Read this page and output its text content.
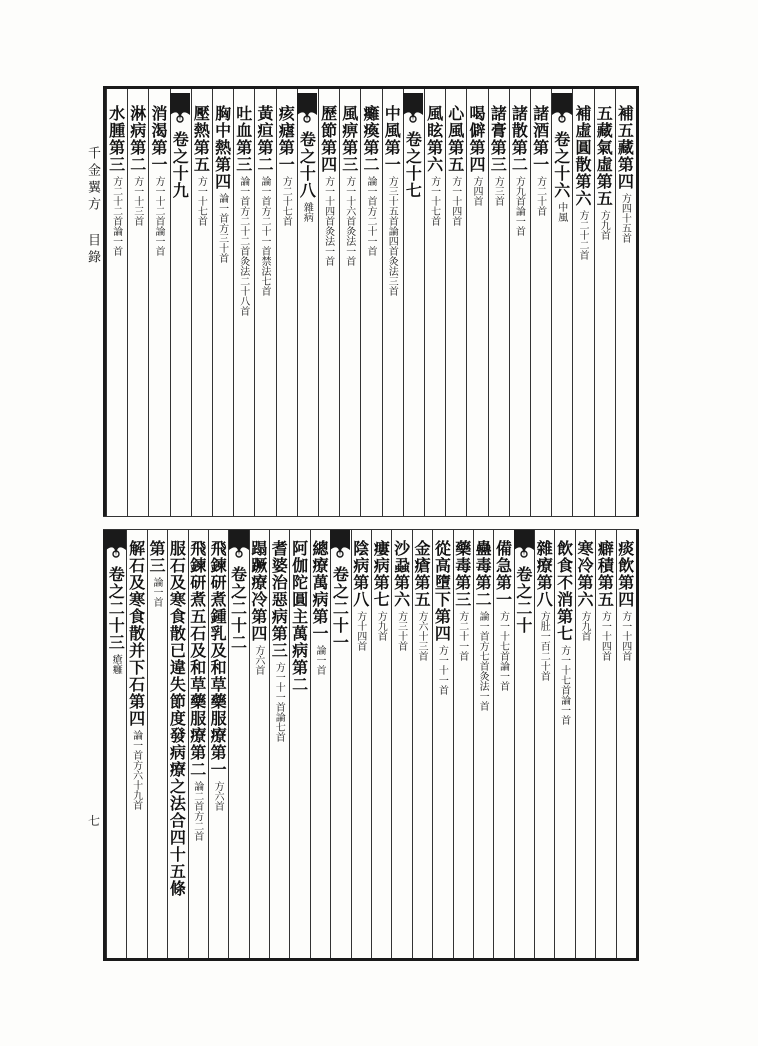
千金翼方 目錄
七
補五藏第四方四十五首
五藏氣虛第五方九首
補虛圓散第六方二十二首
卷之十六中風
諸酒第一方二十首
諸散第二方九首論一首
諸膏第三方三首
喝僻第四方四首
心風第五方一十四首
風眩第六方一十七首
卷之十七
中風第一方三十五首論四首灸法三首
癱瘓第二論一首方二十一首
風痹第三方一十六首灸法一首
歷節第四方一十四首灸法一首
卷之十八雜病
痎瘧第一方二十七首
黃疸第二論一首方二十一首禁法七首
吐血第三論一首方二十二首灸法二十八首
胸中熱第四論一首方三十首
壓熱第五方一十七首
卷之十九
消渴第一方一十二首論一首
淋病第二方一十三首
水腫第三方二十二首論一首
痰飲第四方一十四首
癖積第五方一十四首
寒冷第六方九首
飲食不消第七方一十七首論一首
雜療第八方肚一百二十首
卷之二十
備急第一方一十七首論一首
蠱毒第二論一首方七首灸法一首
藥毒第三方二十一首
從高墮下第四方一十一首
金瘡第五方六十三首
沙蝨第六方三十首
瘻病第七方九首
陰病第八方十四首
卷之二十一
總療萬病第一論一首
阿伽陀圓主萬病第二
耆婆治惡病第三方一十一首論七首
蹋蹶療冷第四方六首
卷之二十二
飛鍊研煮鍾乳及和草藥服療第一方六首
飛鍊研煮五石及和草藥服療第二論二首方二首
服石及寒食散已違失節度發病療之法合四十五條
第三論一首
解石及寒食散并下石第四論一首方六十九首
卷之二十三瘡癰
